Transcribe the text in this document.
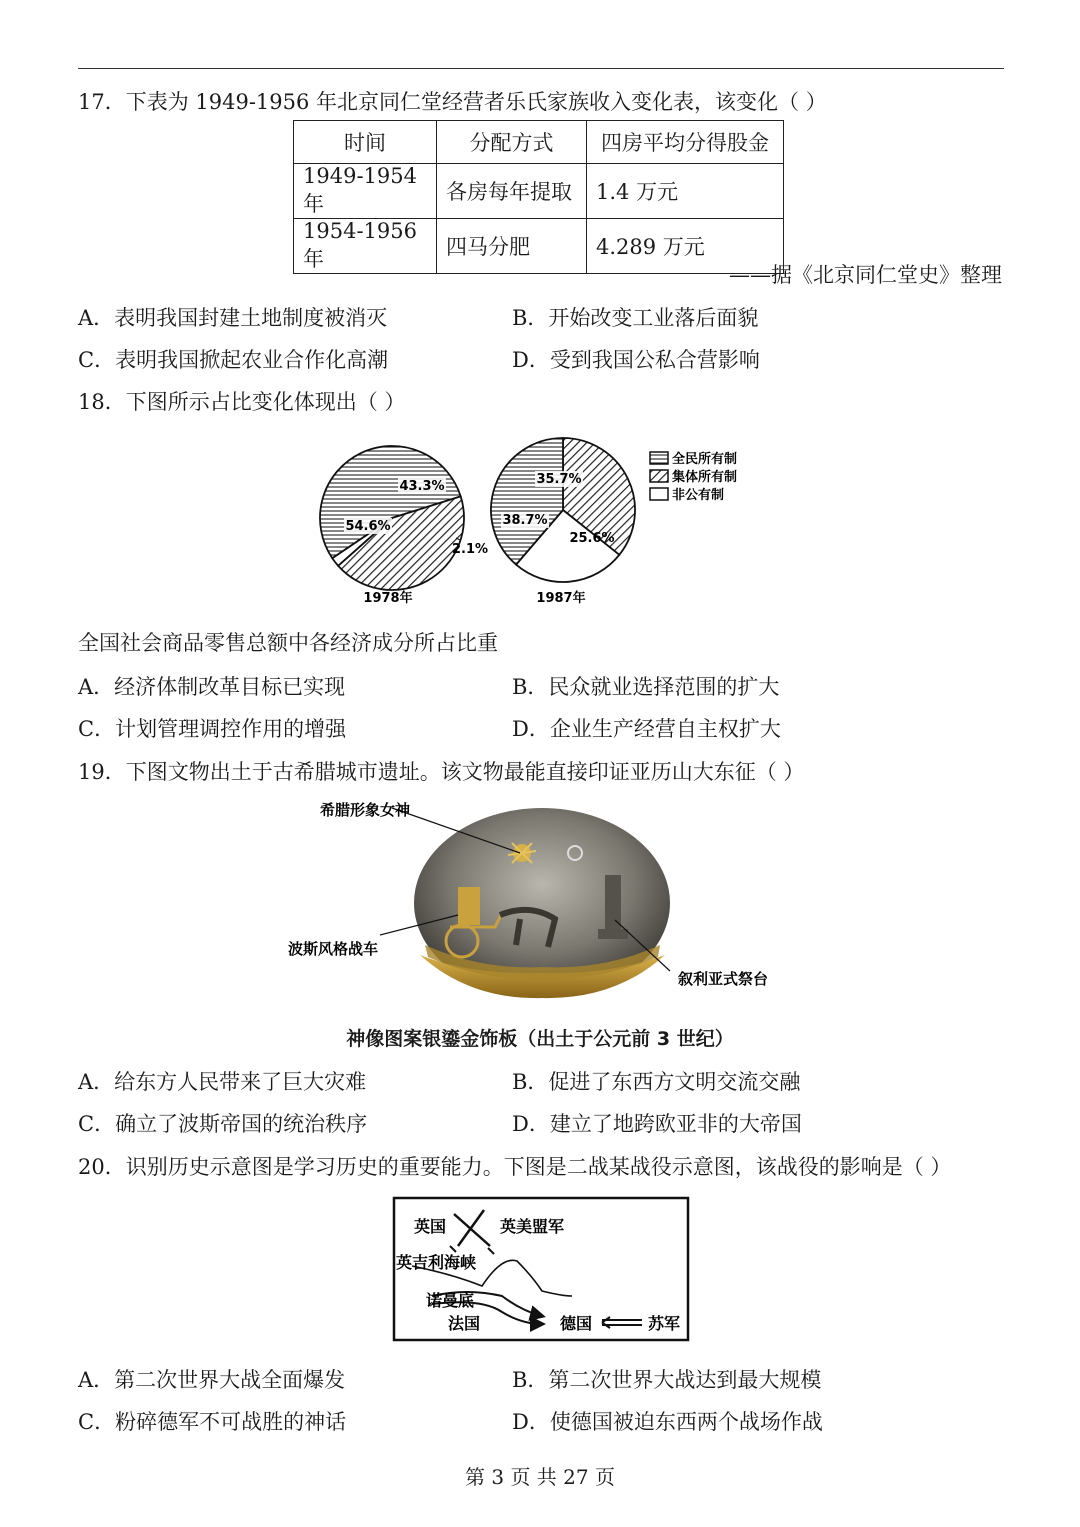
17．下表为 1949-1956 年北京同仁堂经营者乐氏家族收入变化表，该变化（ ）
时间	分配方式	四房平均分得股金
1949-1954 年	各房每年提取	1.4 万元
1954-1956 年	四马分肥	4.289 万元
——据《北京同仁堂史》整理
A．表明我国封建土地制度被消灭	B．开始改变工业落后面貌
C．表明我国掀起农业合作化高潮	D．受到我国公私合营影响
18．下图所示占比变化体现出（ ）
54.6%
43.3%
2.1%
1978年
35.7%
25.6%
38.7%
1987年
全民所有制
集体所有制
非公有制
全国社会商品零售总额中各经济成分所占比重
A．经济体制改革目标已实现	B．民众就业选择范围的扩大
C．计划管理调控作用的增强	D．企业生产经营自主权扩大
19．下图文物出土于古希腊城市遗址。该文物最能直接印证亚历山大东征（ ）
希腊形象女神
波斯风格战车
叙利亚式祭台
神像图案银鎏金饰板（出土于公元前 3 世纪）
A．给东方人民带来了巨大灾难	B．促进了东西方文明交流交融
C．确立了波斯帝国的统治秩序	D．建立了地跨欧亚非的大帝国
20．识别历史示意图是学习历史的重要能力。下图是二战某战役示意图，该战役的影响是（ ）
英国	英美盟军
英吉利海峡
诺曼底
法国	德国	苏军
A．第二次世界大战全面爆发	B．第二次世界大战达到最大规模
C．粉碎德军不可战胜的神话	D．使德国被迫东西两个战场作战
第 3 页 共 27 页
